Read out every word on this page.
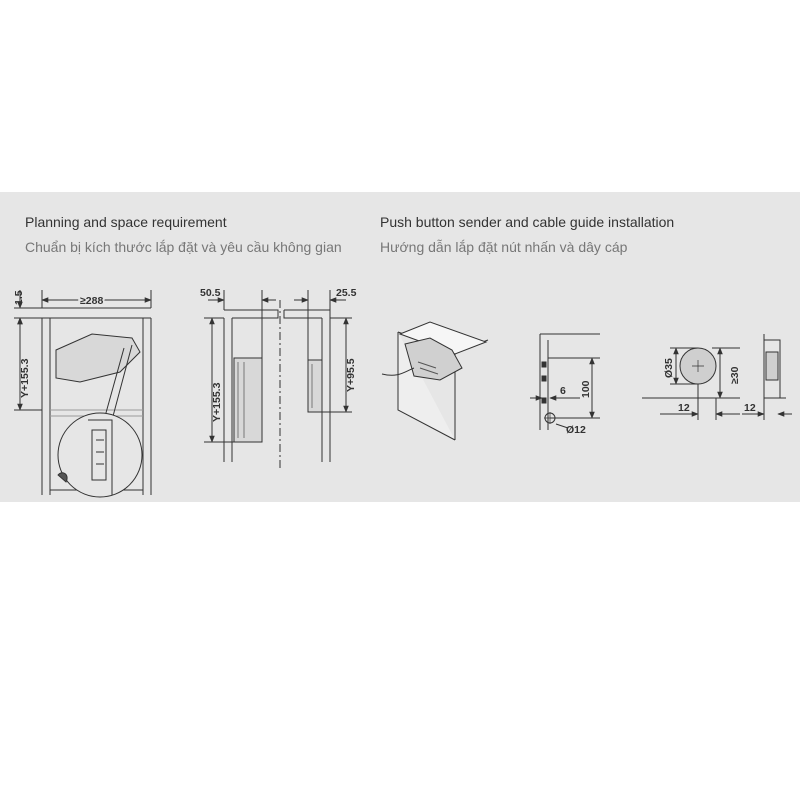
Planning and space requirement
Chuẩn bị kích thước lắp đặt và yêu cầu không gian
Push button sender and cable guide installation
Hướng dẫn lắp đặt nút nhấn và dây cáp
1.5	≥288
Y+155.3
50.5	25.5
Y+155.3
Y+95.5	100
6
Ø12
Ø35	≥30
12	12
